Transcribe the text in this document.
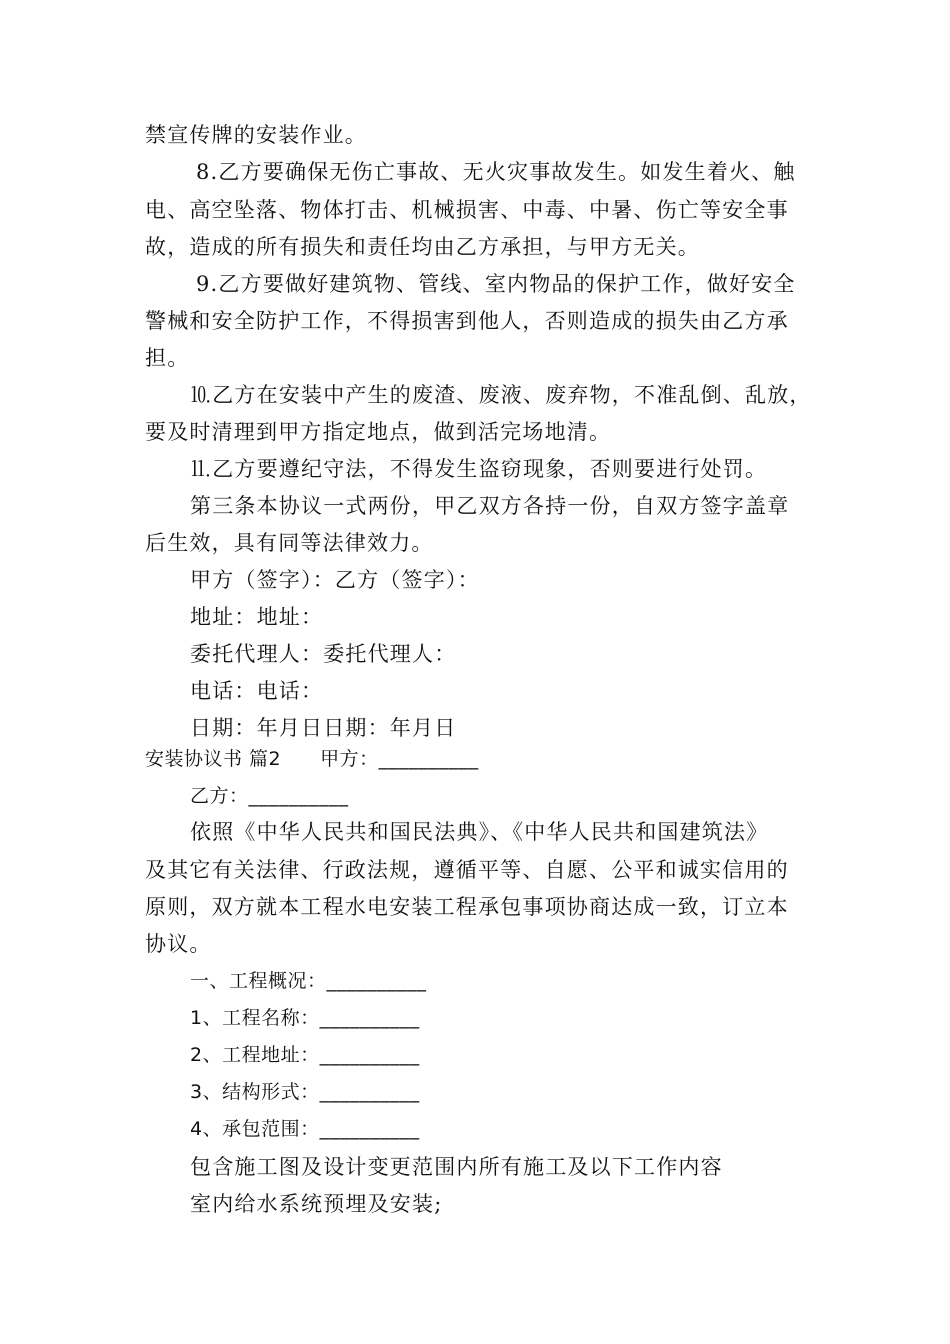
禁宣传牌的安装作业。
8.乙方要确保无伤亡事故、无火灾事故发生。如发生着火、触
电、高空坠落、物体打击、机械损害、中毒、中暑、伤亡等安全事
故，造成的所有损失和责任均由乙方承担，与甲方无关。
9.乙方要做好建筑物、管线、室内物品的保护工作，做好安全
警械和安全防护工作，不得损害到他人，否则造成的损失由乙方承
担。
⒑乙方在安装中产生的废渣、废液、废弃物，不准乱倒、乱放，
要及时清理到甲方指定地点，做到活完场地清。
⒒乙方要遵纪守法，不得发生盗窃现象，否则要进行处罚。
第三条本协议一式两份，甲乙双方各持一份，自双方签字盖章
后生效，具有同等法律效力。
甲方（签字）：乙方（签字）：
地址：地址：
委托代理人：委托代理人：
电话：电话：
日期：年月日日期：年月日
安装协议书 篇2　　甲方：__________
乙方：__________
依照《中华人民共和国民法典》、《中华人民共和国建筑法》
及其它有关法律、行政法规，遵循平等、自愿、公平和诚实信用的
原则，双方就本工程水电安装工程承包事项协商达成一致，订立本
协议。
一、工程概况：__________
1、工程名称：__________
2、工程地址：__________
3、结构形式：__________
4、承包范围：__________
包含施工图及设计变更范围内所有施工及以下工作内容
室内给水系统预埋及安装;
